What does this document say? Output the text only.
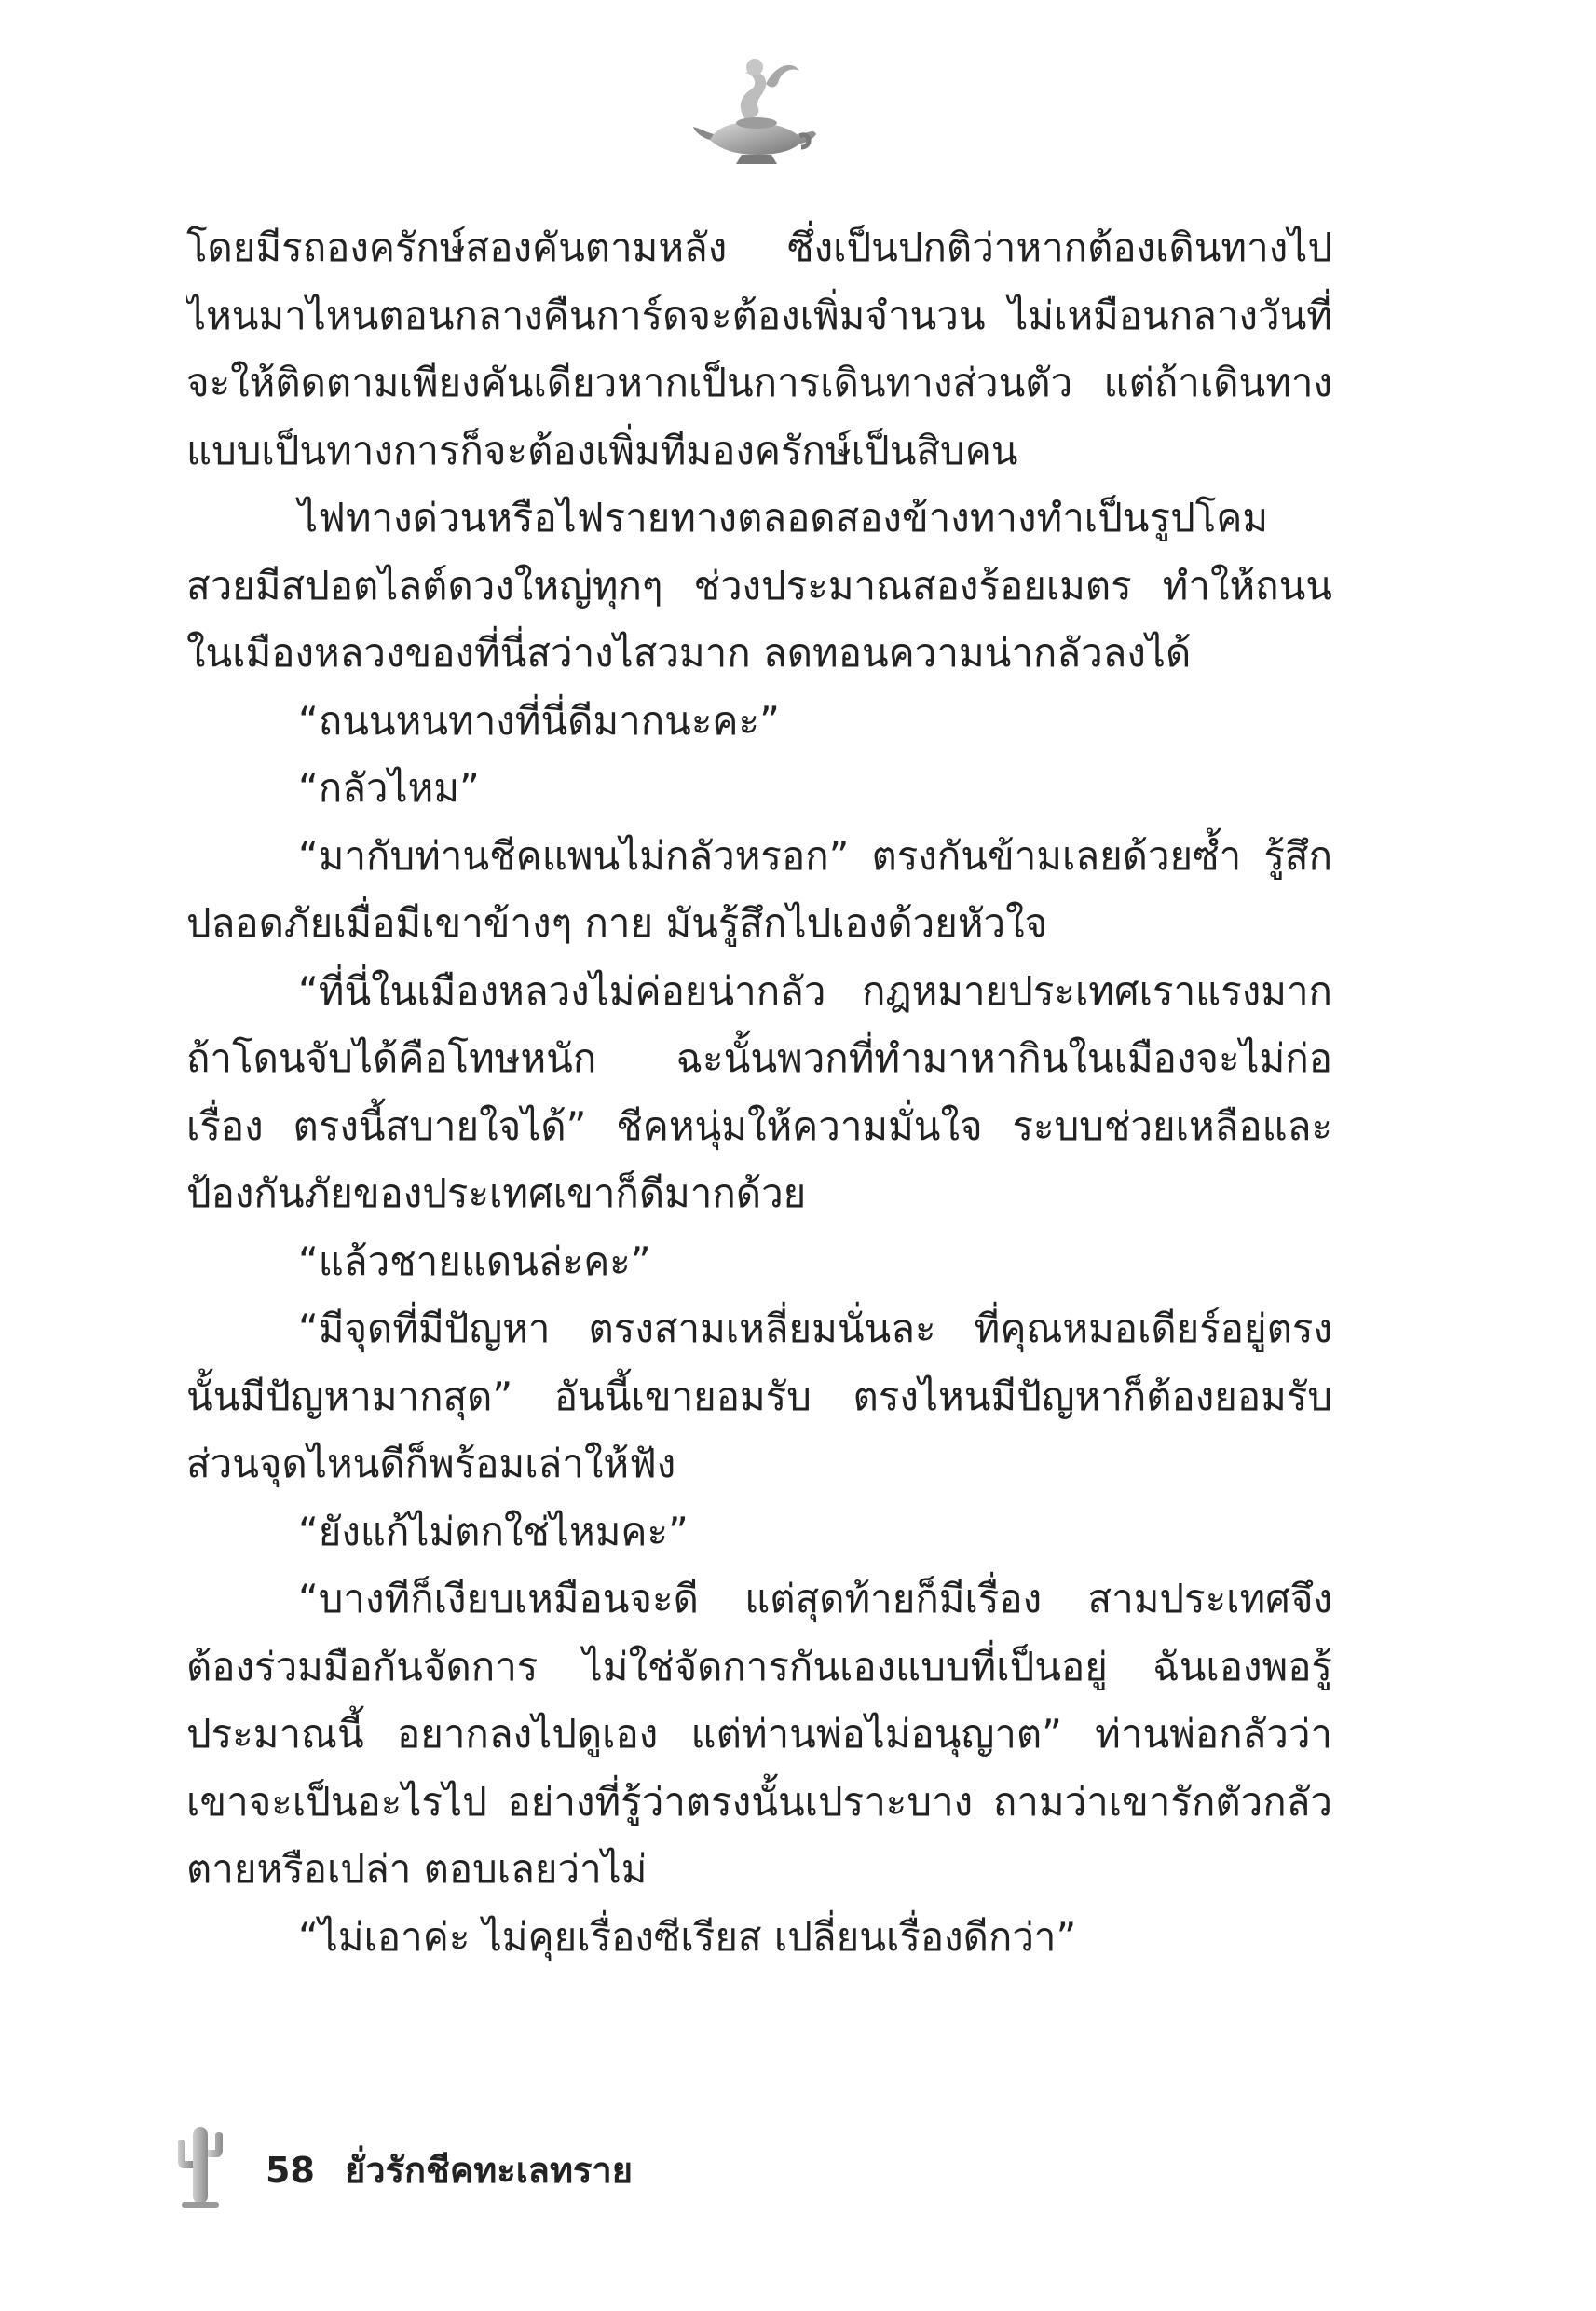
โดยมีรถองครักษ์สองคันตามหลัง ซึ่งเป็นปกติว่าหากต้องเดินทางไปไหนมาไหนตอนกลางคืนการ์ดจะต้องเพิ่มจำนวน ไม่เหมือนกลางวันที่จะให้ติดตามเพียงคันเดียวหากเป็นการเดินทางส่วนตัว แต่ถ้าเดินทางแบบเป็นทางการก็จะต้องเพิ่มทีมองครักษ์เป็นสิบคน

ไฟทางด่วนหรือไฟรายทางตลอดสองข้างทางทำเป็นรูปโคมสวยมีสปอตไลต์ดวงใหญ่ทุกๆ ช่วงประมาณสองร้อยเมตร ทำให้ถนนในเมืองหลวงของที่นี่สว่างไสวมาก ลดทอนความน่ากลัวลงได้

“ถนนหนทางที่นี่ดีมากนะคะ”

“กลัวไหม”

“มากับท่านชีคแพนไม่กลัวหรอก” ตรงกันข้ามเลยด้วยซ้ำ รู้สึกปลอดภัยเมื่อมีเขาข้างๆ กาย มันรู้สึกไปเองด้วยหัวใจ

“ที่นี่ในเมืองหลวงไม่ค่อยน่ากลัว กฎหมายประเทศเราแรงมาก ถ้าโดนจับได้คือโทษหนัก ฉะนั้นพวกที่ทำมาหากินในเมืองจะไม่ก่อเรื่อง ตรงนี้สบายใจได้” ชีคหนุ่มให้ความมั่นใจ ระบบช่วยเหลือและป้องกันภัยของประเทศเขาก็ดีมากด้วย

“แล้วชายแดนล่ะคะ”

“มีจุดที่มีปัญหา ตรงสามเหลี่ยมนั่นละ ที่คุณหมอเดียร์อยู่ตรงนั้นมีปัญหามากสุด” อันนี้เขายอมรับ ตรงไหนมีปัญหาก็ต้องยอมรับ ส่วนจุดไหนดีก็พร้อมเล่าให้ฟัง

“ยังแก้ไม่ตกใช่ไหมคะ”

“บางทีก็เงียบเหมือนจะดี แต่สุดท้ายก็มีเรื่อง สามประเทศจึงต้องร่วมมือกันจัดการ ไม่ใช่จัดการกันเองแบบที่เป็นอยู่ ฉันเองพอรู้ประมาณนี้ อยากลงไปดูเอง แต่ท่านพ่อไม่อนุญาต” ท่านพ่อกลัวว่าเขาจะเป็นอะไรไป อย่างที่รู้ว่าตรงนั้นเปราะบาง ถามว่าเขารักตัวกลัวตายหรือเปล่า ตอบเลยว่าไม่

“ไม่เอาค่ะ ไม่คุยเรื่องซีเรียส เปลี่ยนเรื่องดีกว่า”

58 ยั่วรักชีคทะเลทราย
